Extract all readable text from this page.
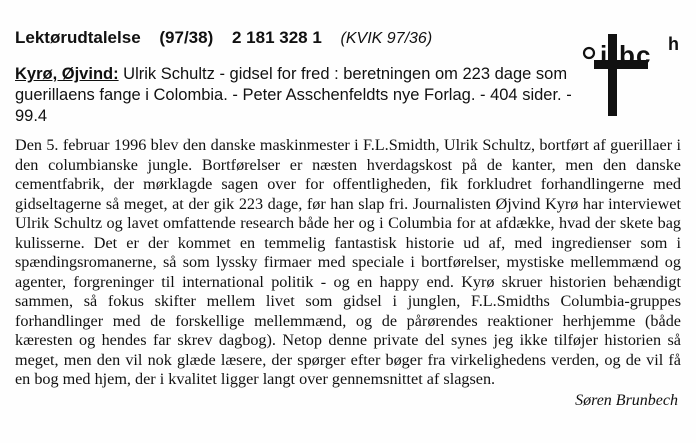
Lektørudtalelse (97/38) 2 181 328 1 (KVIK 97/36)
i b c h
Kyrø, Øjvind: Ulrik Schultz - gidsel for fred : beretningen om 223 dage som guerillaens fange i Colombia. - Peter Asschenfeldts nye Forlag. - 404 sider. - 99.4

Den 5. februar 1996 blev den danske maskinmester i F.L.Smidth, Ulrik Schultz, bortført af guerillaer i den columbianske jungle. Bortførelser er næsten hverdagskost på de kanter, men den danske cementfabrik, der mørklagde sagen over for offentligheden, fik forkludret forhandlingerne med gidseltagerne så meget, at der gik 223 dage, før han slap fri. Journalisten Øjvind Kyrø har interviewet Ulrik Schultz og lavet omfattende research både her og i Columbia for at afdække, hvad der skete bag kulisserne. Det er der kommet en temmelig fantastisk historie ud af, med ingredienser som i spændingsromanerne, så som lyssky firmaer med speciale i bortførelser, mystiske mellemmænd og agenter, forgreninger til international politik - og en happy end. Kyrø skruer historien behændigt sammen, så fokus skifter mellem livet som gidsel i junglen, F.L.Smidths Columbia-gruppes forhandlinger med de forskellige mellemmænd, og de pårørendes reaktioner herhjemme (både kæresten og hendes far skrev dagbog). Netop denne private del synes jeg ikke tilføjer historien så meget, men den vil nok glæde læsere, der spørger efter bøger fra virkelighedens verden, og de vil få en bog med hjem, der i kvalitet ligger langt over gennemsnittet af slagsen.

Søren Brunbech
